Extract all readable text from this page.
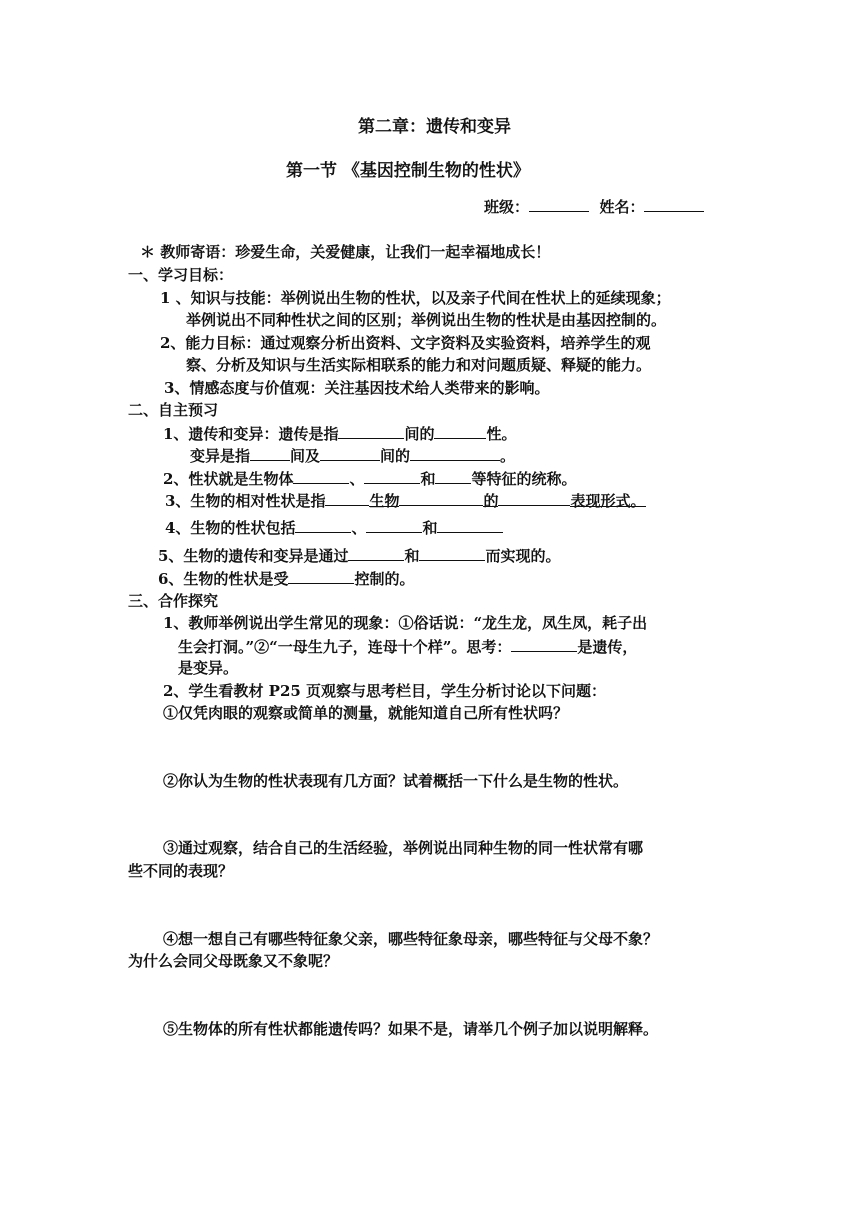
第二章：遗传和变异
第一节 《基因控制生物的性状》
班级：	姓名：
＊ 教师寄语：珍爱生命，关爱健康，让我们一起幸福地成长！
一、学习目标：
1 、知识与技能：举例说出生物的性状，以及亲子代间在性状上的延续现象；
举例说出不同种性状之间的区别；举例说出生物的性状是由基因控制的。
2、能力目标：通过观察分析出资料、文字资料及实验资料，培养学生的观
察、分析及知识与生活实际相联系的能力和对问题质疑、释疑的能力。
3、情感态度与价值观：关注基因技术给人类带来的影响。
二、自主预习
1、遗传和变异：遗传是指	间的	性。
变异是指	间及	间的	。
2、性状就是生物体	、	和 等特征的统称。
3、生物的相对性状是指	生物	的	表现形式。
4、生物的性状包括	、	和
5、生物的遗传和变异是通过	和	而实现的。
6、生物的性状是受	控制的。
三、合作探究
1、教师举例说出学生常见的现象：①俗话说：“龙生龙，凤生凤，耗子出
生会打洞。”②“一母生九子，连母十个样”。思考：	是遗传，
是变异。
2、学生看教材 P25 页观察与思考栏目，学生分析讨论以下问题：
①仅凭肉眼的观察或简单的测量，就能知道自己所有性状吗？
②你认为生物的性状表现有几方面？试着概括一下什么是生物的性状。
③通过观察，结合自己的生活经验，举例说出同种生物的同一性状常有哪
些不同的表现？
④想一想自己有哪些特征象父亲，哪些特征象母亲，哪些特征与父母不象？
为什么会同父母既象又不象呢？
⑤生物体的所有性状都能遗传吗？如果不是，请举几个例子加以说明解释。
